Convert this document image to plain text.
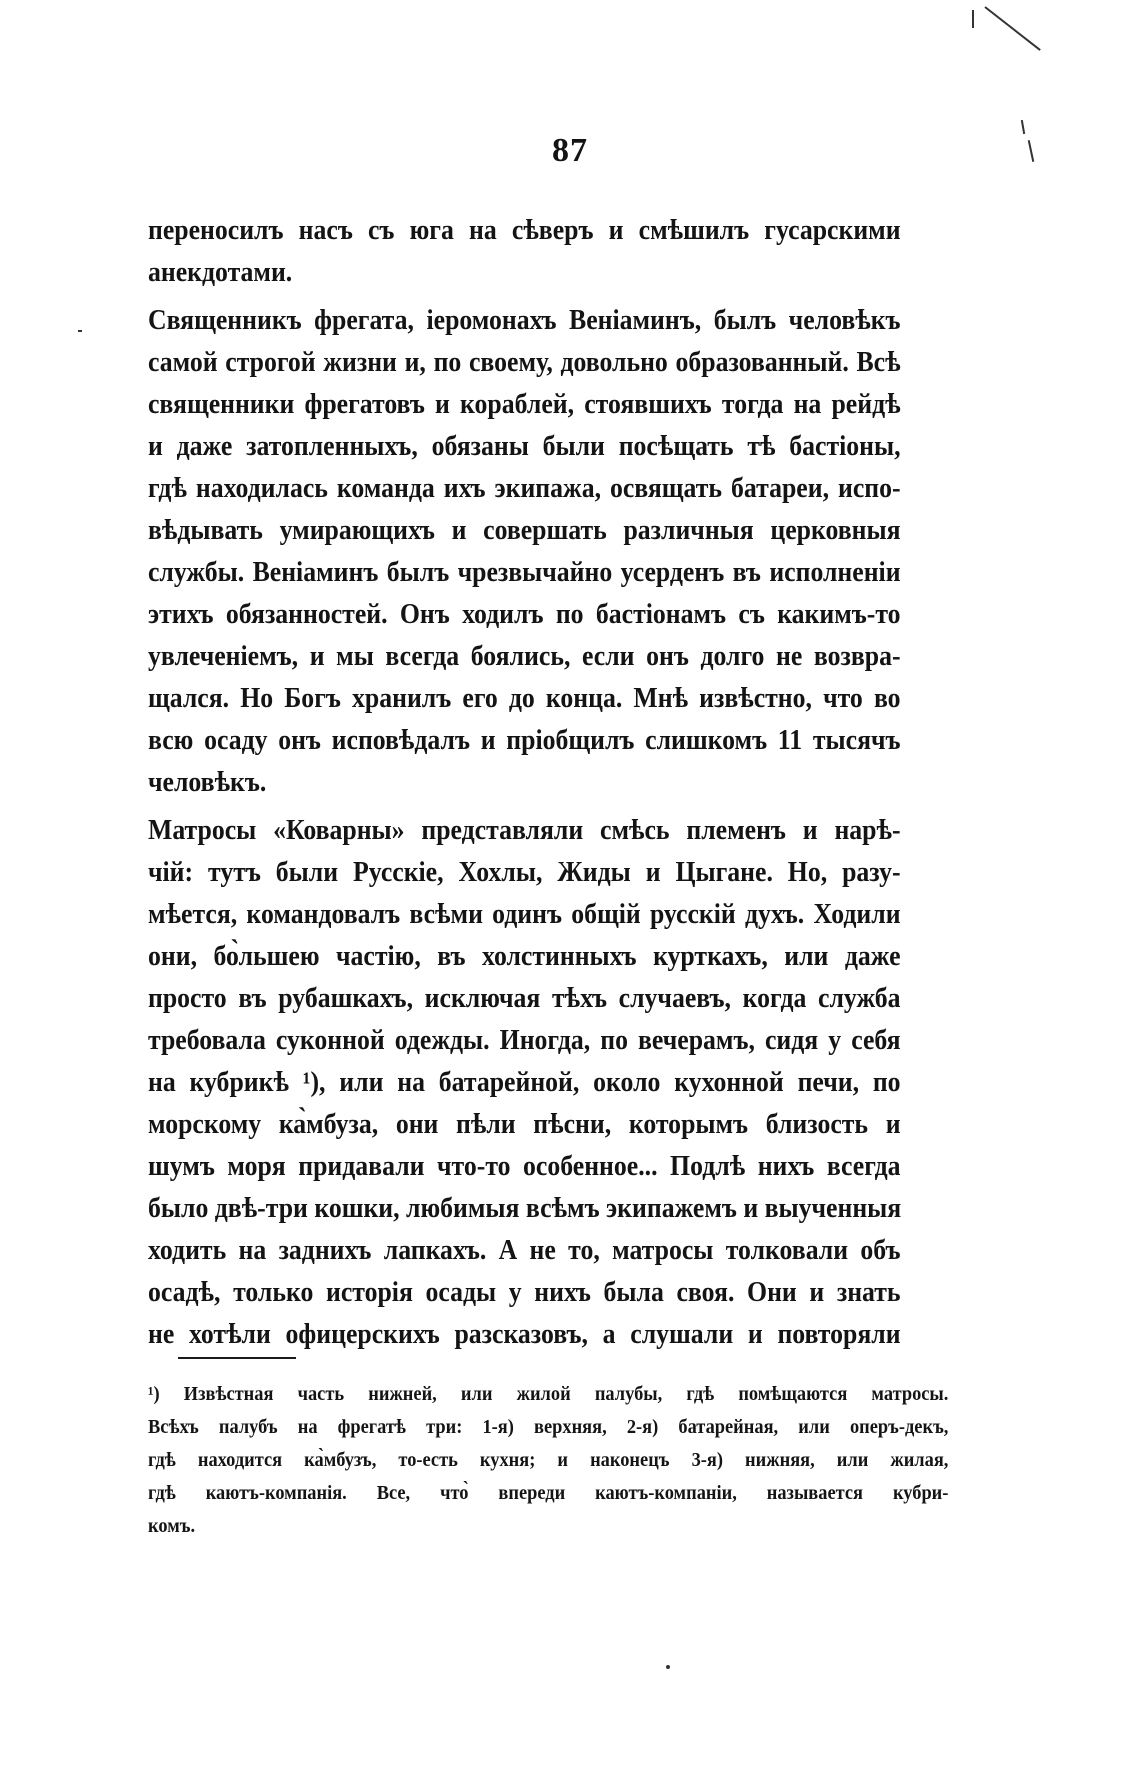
87
переносилъ насъ съ юга на сѣверъ и смѣшилъ гусарскими
анекдотами.
Священникъ фрегата, іеромонахъ Веніаминъ, былъ человѣкъ
самой строгой жизни и, по своему, довольно образованный. Всѣ
священники фрегатовъ и кораблей, стоявшихъ тогда на рейдѣ
и даже затопленныхъ, обязаны были посѣщать тѣ бастіоны,
гдѣ находилась команда ихъ экипажа, освящать батареи, испо-
вѣдывать умирающихъ и совершать различныя церковныя
службы. Веніаминъ былъ чрезвычайно усерденъ въ исполненіи
этихъ обязанностей. Онъ ходилъ по бастіонамъ съ какимъ-то
увлеченіемъ, и мы всегда боялись, если онъ долго не возвра-
щался. Но Богъ хранилъ его до конца. Мнѣ извѣстно, что во
всю осаду онъ исповѣдалъ и пріобщилъ слишкомъ 11 тысячъ
человѣкъ.
Матросы «Коварны» представляли смѣсь племенъ и нарѣ-
чій: тутъ были Русскіе, Хохлы, Жиды и Цыгане. Но, разу-
мѣется, командовалъ всѣми одинъ общій русскій духъ. Ходили
они, бо̀льшею частію, въ холстинныхъ курткахъ, или даже
просто въ рубашкахъ, исключая тѣхъ случаевъ, когда служба
требовала суконной одежды. Иногда, по вечерамъ, сидя у себя
на кубрикѣ ¹), или на батарейной, около кухонной печи, по
морскому ка̀мбуза, они пѣли пѣсни, которымъ близость и
шумъ моря придавали что-то особенное... Подлѣ нихъ всегда
было двѣ-три кошки, любимыя всѣмъ экипажемъ и выученныя
ходить на заднихъ лапкахъ. А не то, матросы толковали объ
осадѣ, только исторія осады у нихъ была своя. Они и знать
не хотѣли офицерскихъ разсказовъ, а слушали и повторяли
¹) Извѣстная часть нижней, или жилой палубы, гдѣ помѣщаются матросы.
Всѣхъ палубъ на фрегатѣ три: 1-я) верхняя, 2-я) батарейная, или оперъ-декъ,
гдѣ находится ка̀мбузъ, то-есть кухня; и наконецъ 3-я) нижняя, или жилая,
гдѣ каютъ-компанія. Все, что̀ впереди каютъ-компаніи, называется кубри-
комъ.
